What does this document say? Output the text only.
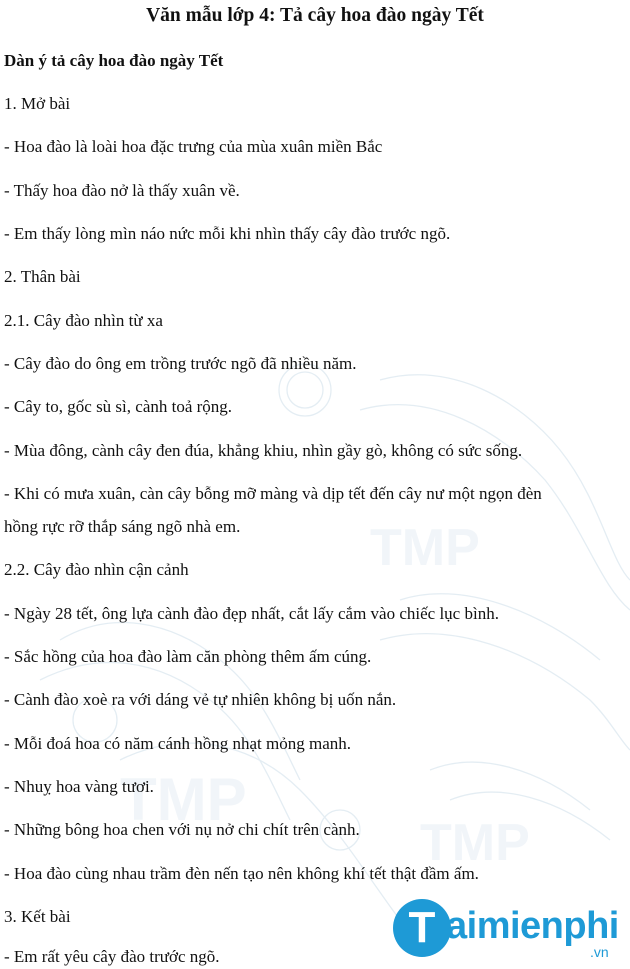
TMP
TMP
TMP
Văn mẫu lớp 4: Tả cây hoa đào ngày Tết
Dàn ý tả cây hoa đào ngày Tết
1. Mở bài
- Hoa đào là loài hoa đặc trưng của mùa xuân miền Bắc
- Thấy hoa đào nở là thấy xuân về.
- Em thấy lòng mìn náo nức mỗi khi nhìn thấy cây đào trước ngõ.
2. Thân bài
2.1. Cây đào nhìn từ xa
- Cây đào do ông em trồng trước ngõ đã nhiều năm.
- Cây to, gốc sù sì, cành toả rộng.
- Mùa đông, cành cây đen đúa, khẳng khiu, nhìn gầy gò, không có sức sống.
- Khi có mưa xuân, càn cây bỗng mỡ màng và dịp tết đến cây nư một ngọn đèn
hồng rực rỡ thắp sáng ngõ nhà em.
2.2. Cây đào nhìn cận cảnh
- Ngày 28 tết, ông lựa cành đào đẹp nhất, cắt lấy cắm vào chiếc lục bình.
- Sắc hồng của hoa đào làm căn phòng thêm ấm cúng.
- Cành đào xoè ra với dáng vẻ tự nhiên không bị uốn nắn.
- Mỗi đoá hoa có năm cánh hồng nhạt mỏng manh.
- Nhuỵ hoa vàng tươi.
- Những bông hoa chen với nụ nở chi chít trên cành.
- Hoa đào cùng nhau trầm đèn nến tạo nên không khí tết thật đầm ấm.
3. Kết bài
- Em rất yêu cây đào trước ngõ.
T aimienphi
.vn
